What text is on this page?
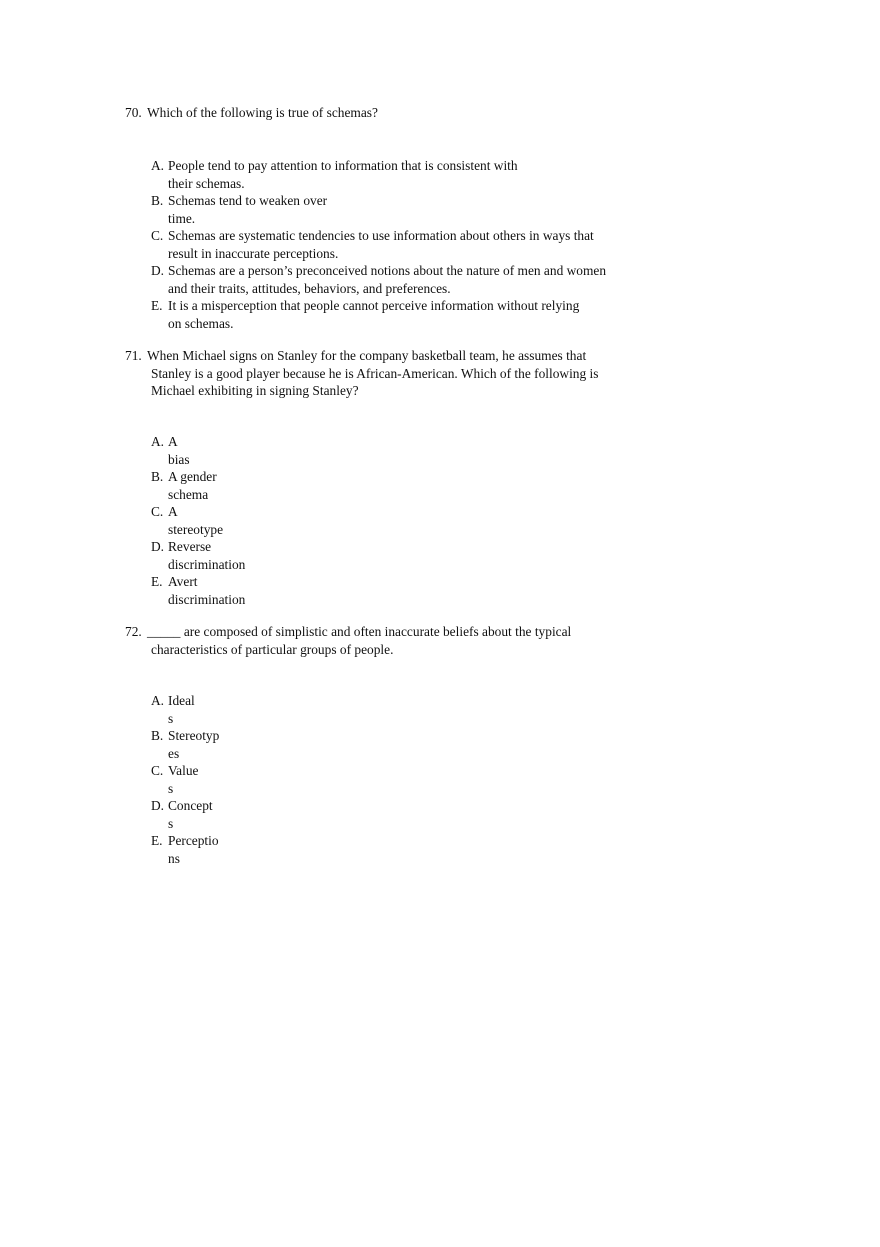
70. Which of the following is true of schemas?
A. People tend to pay attention to information that is consistent with
their schemas.
B. Schemas tend to weaken over
time.
C. Schemas are systematic tendencies to use information about others in ways that
result in inaccurate perceptions.
D. Schemas are a person’s preconceived notions about the nature of men and women
and their traits, attitudes, behaviors, and preferences.
E. It is a misperception that people cannot perceive information without relying
on schemas.
71. When Michael signs on Stanley for the company basketball team, he assumes that
Stanley is a good player because he is African-American. Which of the following is
Michael exhibiting in signing Stanley?
A. A
bias
B. A gender
schema
C. A
stereotype
D. Reverse
discrimination
E. Avert
discrimination
72. _____ are composed of simplistic and often inaccurate beliefs about the typical
characteristics of particular groups of people.
A. Ideal
s
B. Stereotyp
es
C. Value
s
D. Concept
s
E. Perceptio
ns
